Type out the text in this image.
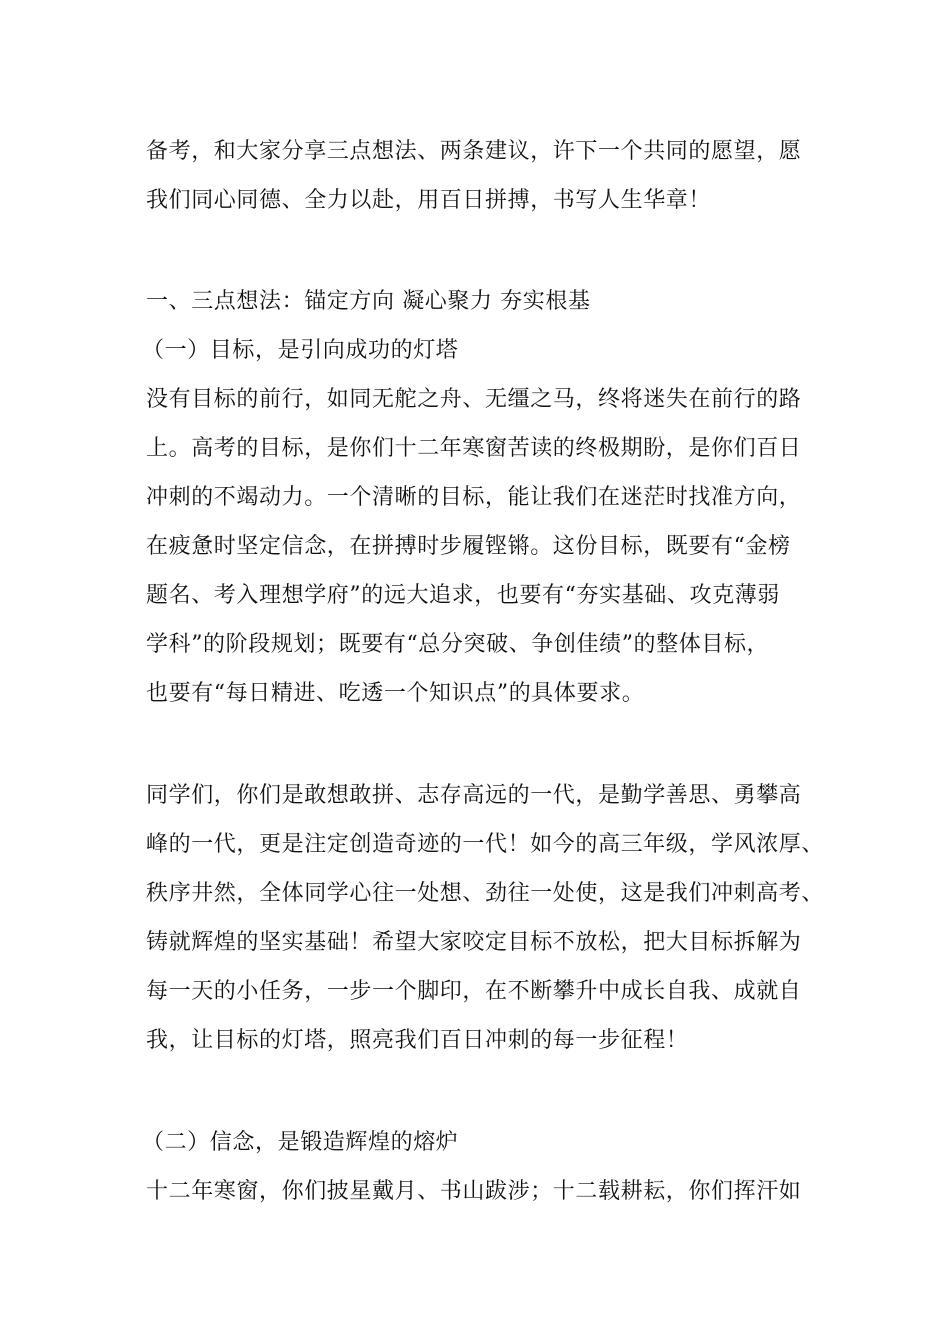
备考，和大家分享三点想法、两条建议，许下一个共同的愿望，愿
我们同心同德、全力以赴，用百日拼搏，书写人生华章！
一、三点想法：锚定方向 凝心聚力 夯实根基
（一）目标，是引向成功的灯塔
没有目标的前行，如同无舵之舟、无缰之马，终将迷失在前行的路
上。高考的目标，是你们十二年寒窗苦读的终极期盼，是你们百日
冲刺的不竭动力。一个清晰的目标，能让我们在迷茫时找准方向，
在疲惫时坚定信念，在拼搏时步履铿锵。这份目标，既要有“金榜
题名、考入理想学府”的远大追求，也要有“夯实基础、攻克薄弱
学科”的阶段规划；既要有“总分突破、争创佳绩”的整体目标，
也要有“每日精进、吃透一个知识点”的具体要求。
同学们，你们是敢想敢拼、志存高远的一代，是勤学善思、勇攀高
峰的一代，更是注定创造奇迹的一代！如今的高三年级，学风浓厚、
秩序井然，全体同学心往一处想、劲往一处使，这是我们冲刺高考、
铸就辉煌的坚实基础！希望大家咬定目标不放松，把大目标拆解为
每一天的小任务，一步一个脚印，在不断攀升中成长自我、成就自
我，让目标的灯塔，照亮我们百日冲刺的每一步征程！
（二）信念，是锻造辉煌的熔炉
十二年寒窗，你们披星戴月、书山跋涉；十二载耕耘，你们挥汗如
